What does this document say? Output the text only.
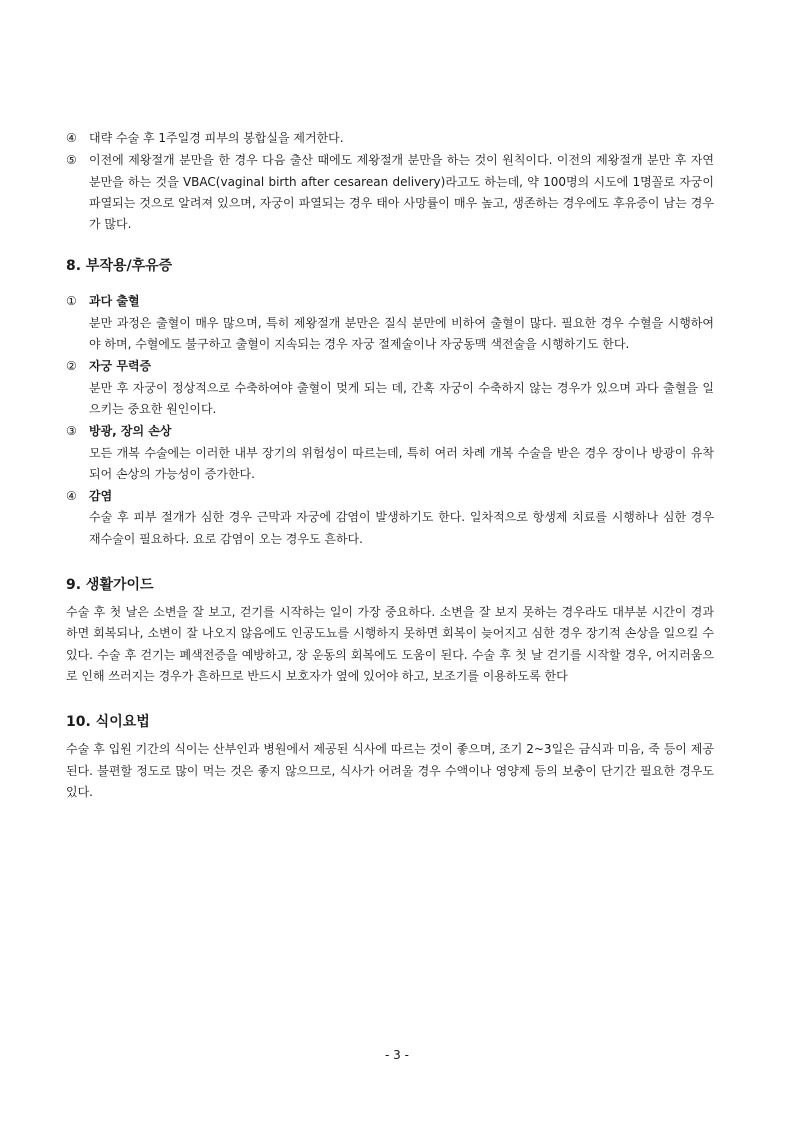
④ 대략 수술 후 1주일경 피부의 봉합실을 제거한다.
⑤ 이전에 제왕절개 분만을 한 경우 다음 출산 때에도 제왕절개 분만을 하는 것이 원칙이다. 이전의 제왕절개 분만 후 자연 분만을 하는 것을 VBAC(vaginal birth after cesarean delivery)라고도 하는데, 약 100명의 시도에 1명꼴로 자궁이 파열되는 것으로 알려져 있으며, 자궁이 파열되는 경우 태아 사망률이 매우 높고, 생존하는 경우에도 후유증이 남는 경우가 많다.
8. 부작용/후유증
① 과다 출혈
분만 과정은 출혈이 매우 많으며, 특히 제왕절개 분만은 질식 분만에 비하여 출혈이 많다. 필요한 경우 수혈을 시행하여야 하며, 수혈에도 불구하고 출혈이 지속되는 경우 자궁 절제술이나 자궁동맥 색전술을 시행하기도 한다.
② 자궁 무력증
분만 후 자궁이 정상적으로 수축하여야 출혈이 멎게 되는 데, 간혹 자궁이 수축하지 않는 경우가 있으며 과다 출혈을 일으키는 중요한 원인이다.
③ 방광, 장의 손상
모든 개복 수술에는 이러한 내부 장기의 위험성이 따르는데, 특히 여러 차례 개복 수술을 받은 경우 장이나 방광이 유착되어 손상의 가능성이 증가한다.
④ 감염
수술 후 피부 절개가 심한 경우 근막과 자궁에 감염이 발생하기도 한다. 일차적으로 항생제 치료를 시행하나 심한 경우 재수술이 필요하다. 요로 감염이 오는 경우도 흔하다.
9. 생활가이드
수술 후 첫 날은 소변을 잘 보고, 걷기를 시작하는 일이 가장 중요하다. 소변을 잘 보지 못하는 경우라도 대부분 시간이 경과하면 회복되나, 소변이 잘 나오지 않음에도 인공도뇨를 시행하지 못하면 회복이 늦어지고 심한 경우 장기적 손상을 일으킬 수 있다. 수술 후 걷기는 폐색전증을 예방하고, 장 운동의 회복에도 도움이 된다. 수술 후 첫 날 걷기를 시작할 경우, 어지러움으로 인해 쓰러지는 경우가 흔하므로 반드시 보호자가 옆에 있어야 하고, 보조기를 이용하도록 한다
10. 식이요법
수술 후 입원 기간의 식이는 산부인과 병원에서 제공된 식사에 따르는 것이 좋으며, 조기 2~3일은 금식과 미음, 죽 등이 제공된다. 불편할 정도로 많이 먹는 것은 좋지 않으므로, 식사가 어려울 경우 수액이나 영양제 등의 보충이 단기간 필요한 경우도 있다.
- 3 -
